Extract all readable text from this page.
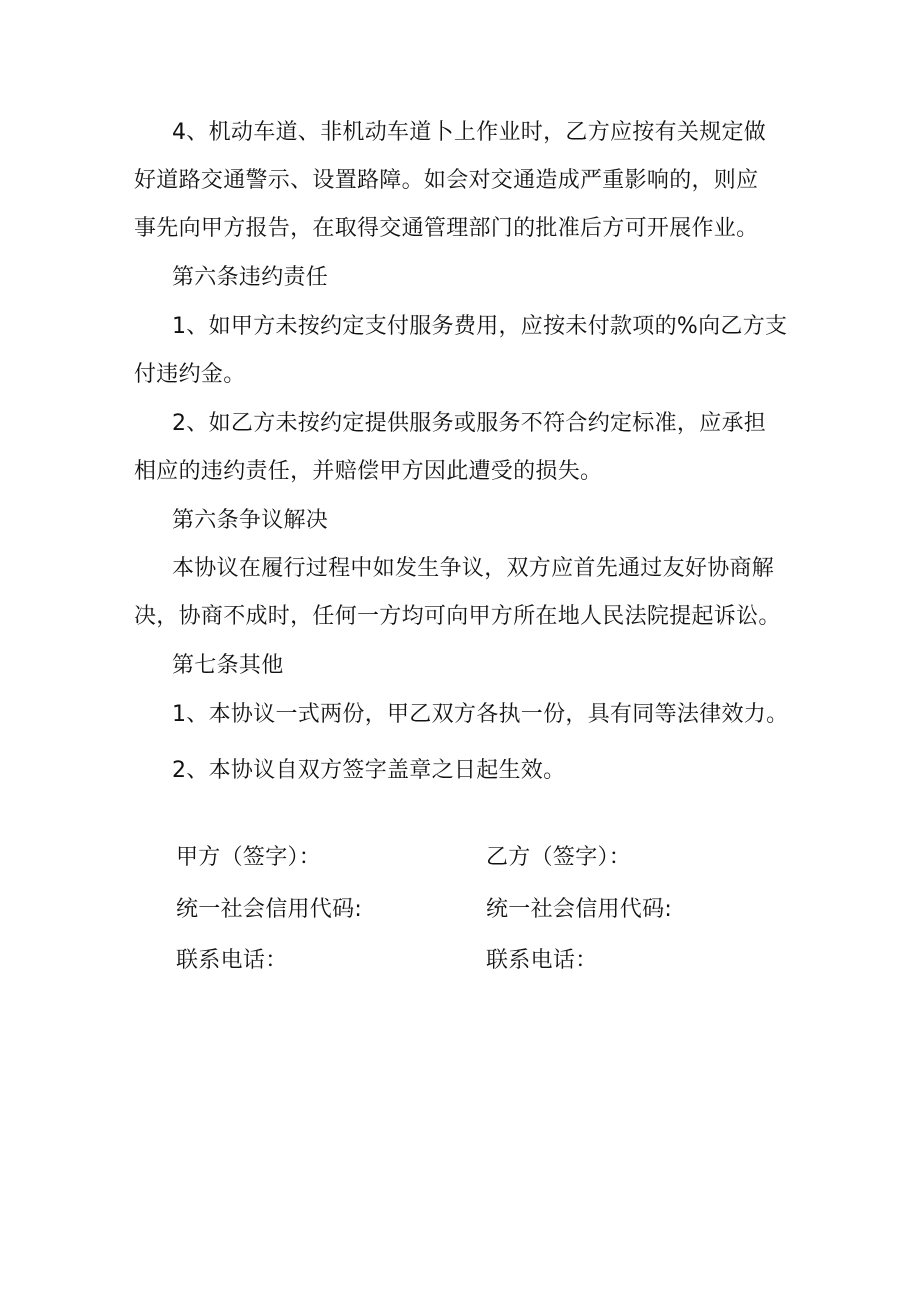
4、机动车道、非机动车道卜上作业时，乙方应按有关规定做
好道路交通警示、设置路障。如会对交通造成严重影响的，则应
事先向甲方报告，在取得交通管理部门的批准后方可开展作业。
第六条违约责任
1、如甲方未按约定支付服务费用，应按未付款项的%向乙方支
付违约金。
2、如乙方未按约定提供服务或服务不符合约定标准，应承担
相应的违约责任，并赔偿甲方因此遭受的损失。
第六条争议解决
本协议在履行过程中如发生争议，双方应首先通过友好协商解
决，协商不成时，任何一方均可向甲方所在地人民法院提起诉讼。
第七条其他
1、本协议一式两份，甲乙双方各执一份，具有同等法律效力。
2、本协议自双方签字盖章之日起生效。
甲方（签字）：	乙方（签字）：
统一社会信用代码:	统一社会信用代码:
联系电话：	联系电话：
